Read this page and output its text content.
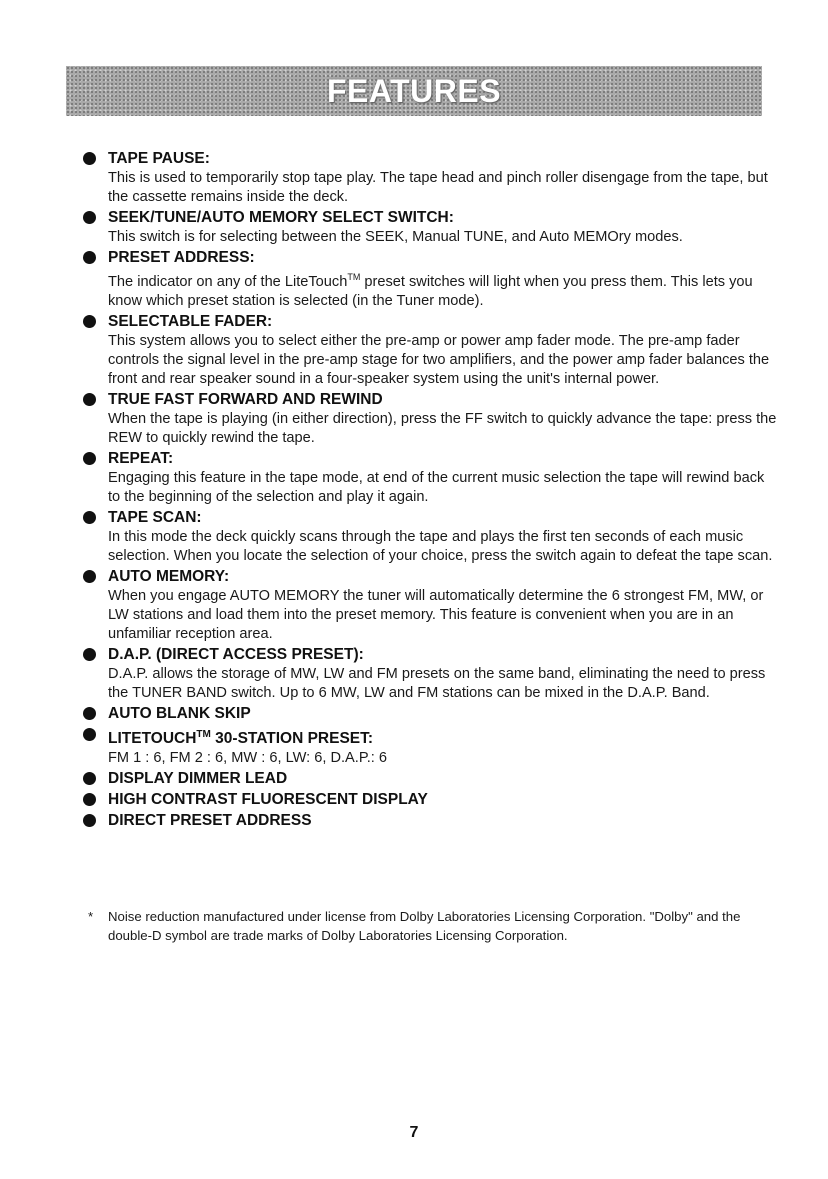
FEATURES

TAPE PAUSE:

This is used to temporarily stop tape play. The tape head and pinch roller disengage from the tape, but the cassette remains inside the deck.

SEEK/TUNE/AUTO MEMORY SELECT SWITCH:

This switch is for selecting between the SEEK, Manual TUNE, and Auto MEMOry modes.

PRESET ADDRESS:

The indicator on any of the LiteTouch™ preset switches will light when you press them. This lets you know which preset station is selected (in the Tuner mode).

SELECTABLE FADER:

This system allows you to select either the pre-amp or power amp fader mode. The pre-amp fader controls the signal level in the pre-amp stage for two amplifiers, and the power amp fader balances the front and rear speaker sound in a four-speaker system using the unit's internal power.

TRUE FAST FORWARD AND REWIND

When the tape is playing (in either direction), press the FF switch to quickly advance the tape: press the REW to quickly rewind the tape.

REPEAT:

Engaging this feature in the tape mode, at end of the current music selection the tape will rewind back to the beginning of the selection and play it again.

TAPE SCAN:

In this mode the deck quickly scans through the tape and plays the first ten seconds of each music selection. When you locate the selection of your choice, press the switch again to defeat the tape scan.

AUTO MEMORY:

When you engage AUTO MEMORY the tuner will automatically determine the 6 strongest FM, MW, or LW stations and load them into the preset memory. This feature is convenient when you are in an unfamiliar reception area.

D.A.P. (DIRECT ACCESS PRESET):

D.A.P. allows the storage of MW, LW and FM presets on the same band, eliminating the need to press the TUNER BAND switch. Up to 6 MW, LW and FM stations can be mixed in the D.A.P. Band.

AUTO BLANK SKIP

LITETOUCH™ 30-STATION PRESET:

FM 1 : 6, FM 2 : 6, MW : 6, LW: 6, D.A.P.: 6

DISPLAY DIMMER LEAD

HIGH CONTRAST FLUORESCENT DISPLAY

DIRECT PRESET ADDRESS

* Noise reduction manufactured under license from Dolby Laboratories Licensing Corporation. "Dolby" and the double-D symbol are trade marks of Dolby Laboratories Licensing Corporation.

7
